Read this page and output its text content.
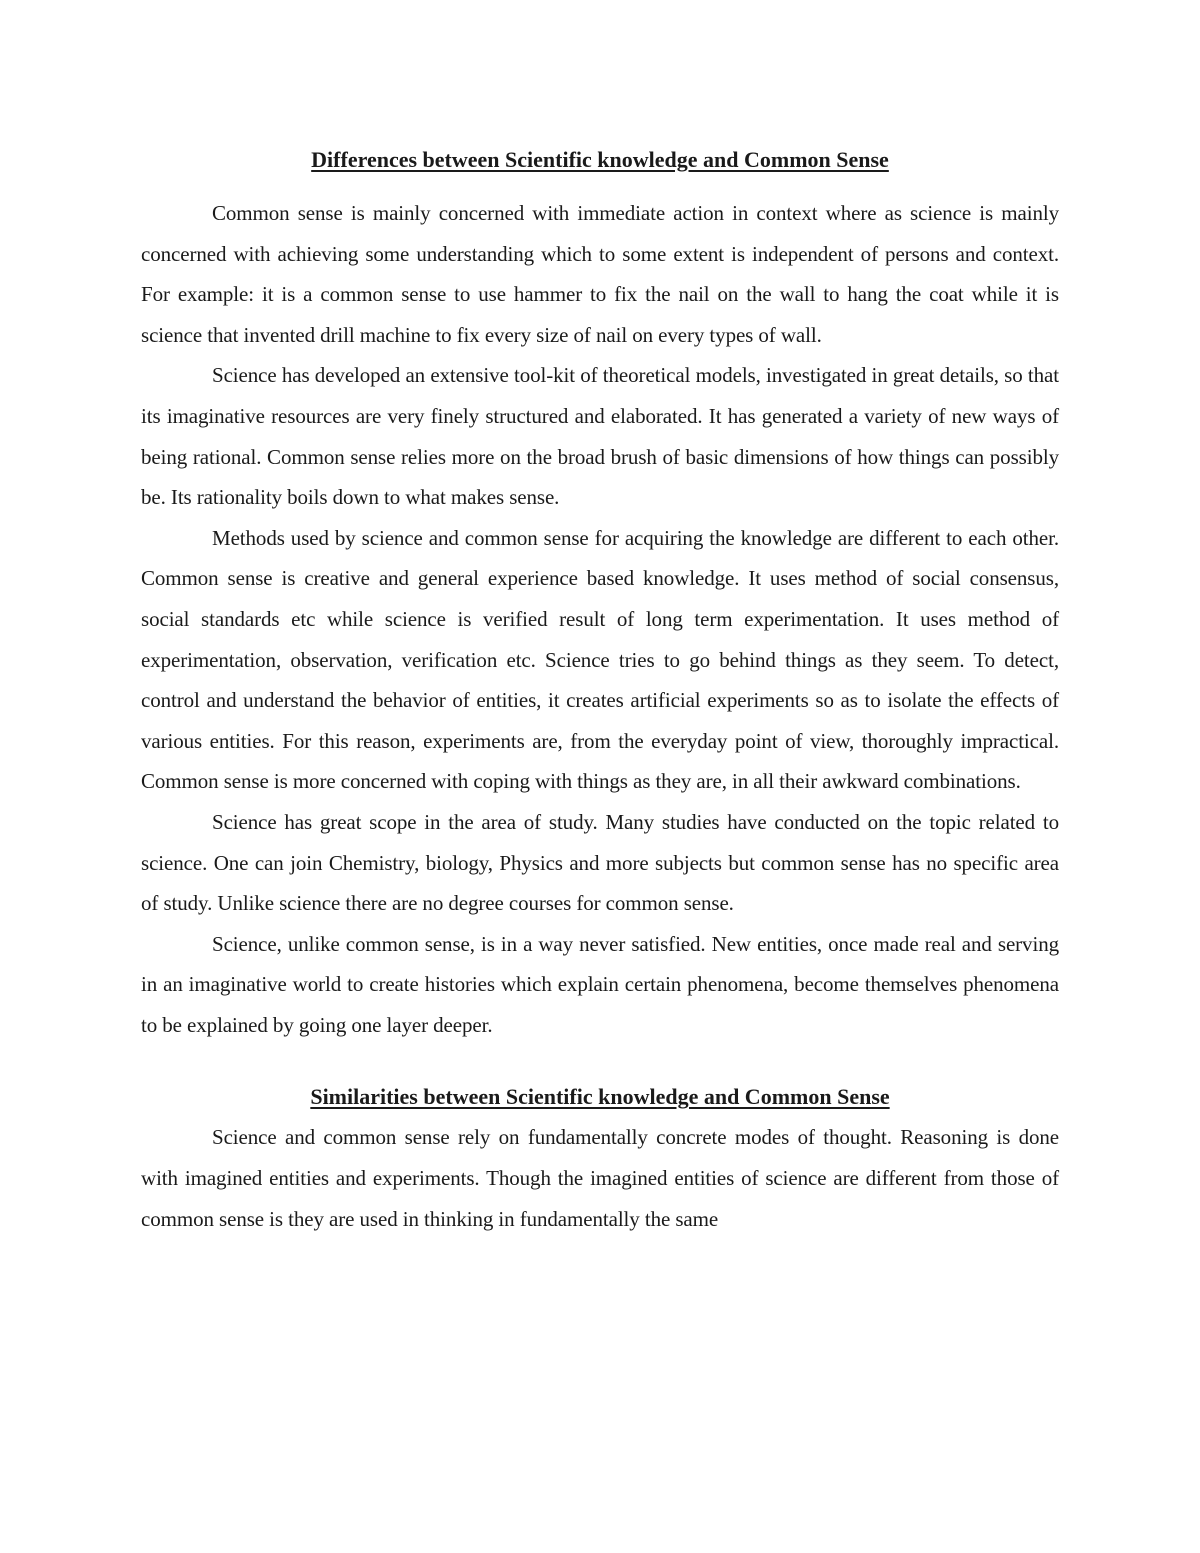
Differences between Scientific knowledge and Common Sense

Common sense is mainly concerned with immediate action in context where as science is mainly concerned with achieving some understanding which to some extent is independent of persons and context. For example: it is a common sense to use hammer to fix the nail on the wall to hang the coat while it is science that invented drill machine to fix every size of nail on every types of wall.

Science has developed an extensive tool-kit of theoretical models, investigated in great details, so that its imaginative resources are very finely structured and elaborated. It has generated a variety of new ways of being rational. Common sense relies more on the broad brush of basic dimensions of how things can possibly be. Its rationality boils down to what makes sense.

Methods used by science and common sense for acquiring the knowledge are different to each other. Common sense is creative and general experience based knowledge. It uses method of social consensus, social standards etc while science is verified result of long term experimentation. It uses method of experimentation, observation, verification etc. Science tries to go behind things as they seem. To detect, control and understand the behavior of entities, it creates artificial experiments so as to isolate the effects of various entities. For this reason, experiments are, from the everyday point of view, thoroughly impractical. Common sense is more concerned with coping with things as they are, in all their awkward combinations.

Science has great scope in the area of study. Many studies have conducted on the topic related to science. One can join Chemistry, biology, Physics and more subjects but common sense has no specific area of study. Unlike science there are no degree courses for common sense.

Science, unlike common sense, is in a way never satisfied. New entities, once made real and serving in an imaginative world to create histories which explain certain phenomena, become themselves phenomena to be explained by going one layer deeper.

Similarities between Scientific knowledge and Common Sense

Science and common sense rely on fundamentally concrete modes of thought. Reasoning is done with imagined entities and experiments. Though the imagined entities of science are different from those of common sense is they are used in thinking in fundamentally the same
